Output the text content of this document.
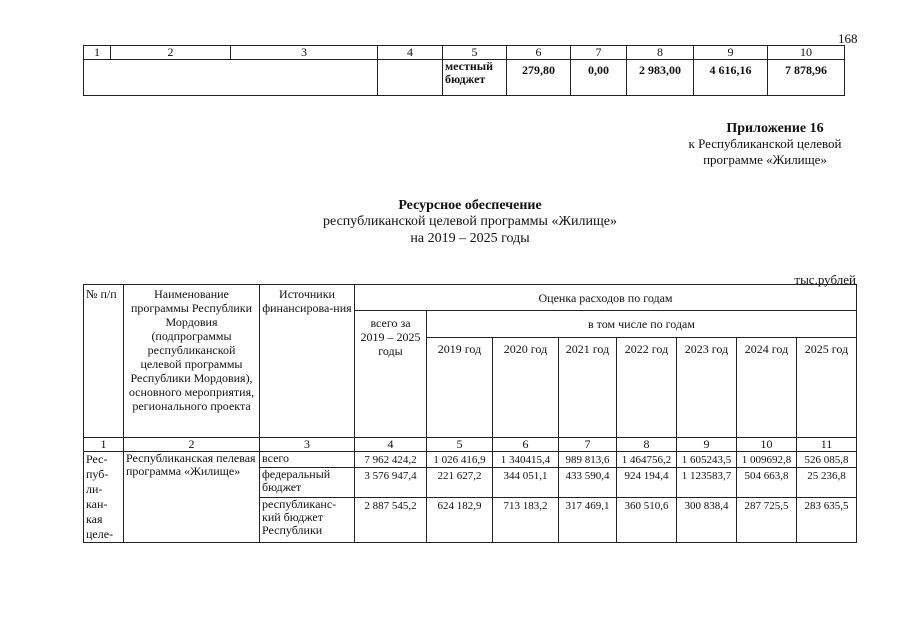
168
1	2	3	4	5	6	7	8	9	10
				местный бюджет	279,80	0,00	2 983,00	4 616,16	7 878,96
Приложение 16
к Республиканской целевой
программе «Жилище»
Ресурсное обеспечение
республиканской целевой программы «Жилище»
на 2019 – 2025 годы
тыс.рублей
№ п/п	Наименование программы Республики Мордовия (подпрограммы республиканской целевой программы Республики Мордовия), основного мероприятия, регионального проекта	Источники финансирова-ния	Оценка расходов по годам							
			всего за 2019 – 2025 годы	в том числе по годам						
				2019 год	2020 год	2021 год	2022 год	2023 год	2024 год	2025 год
1	2	3	4	5	6	7	8	9	10	11
Рес-пуб-ли-кан-кая целе-	Республиканская пелевая программа «Жилище»	всего	7 962 424,2	1 026 416,9	1 340415,4	989 813,6	1 464756,2	1 605243,5	1 009692,8	526 085,8
		федеральный бюджет	3 576 947,4	221 627,2	344 051,1	433 590,4	924 194,4	1 123583,7	504 663,8	25 236,8
		республиканс-кий бюджет Республики	2 887 545,2	624 182,9	713 183,2	317 469,1	360 510,6	300 838,4	287 725,5	283 635,5
